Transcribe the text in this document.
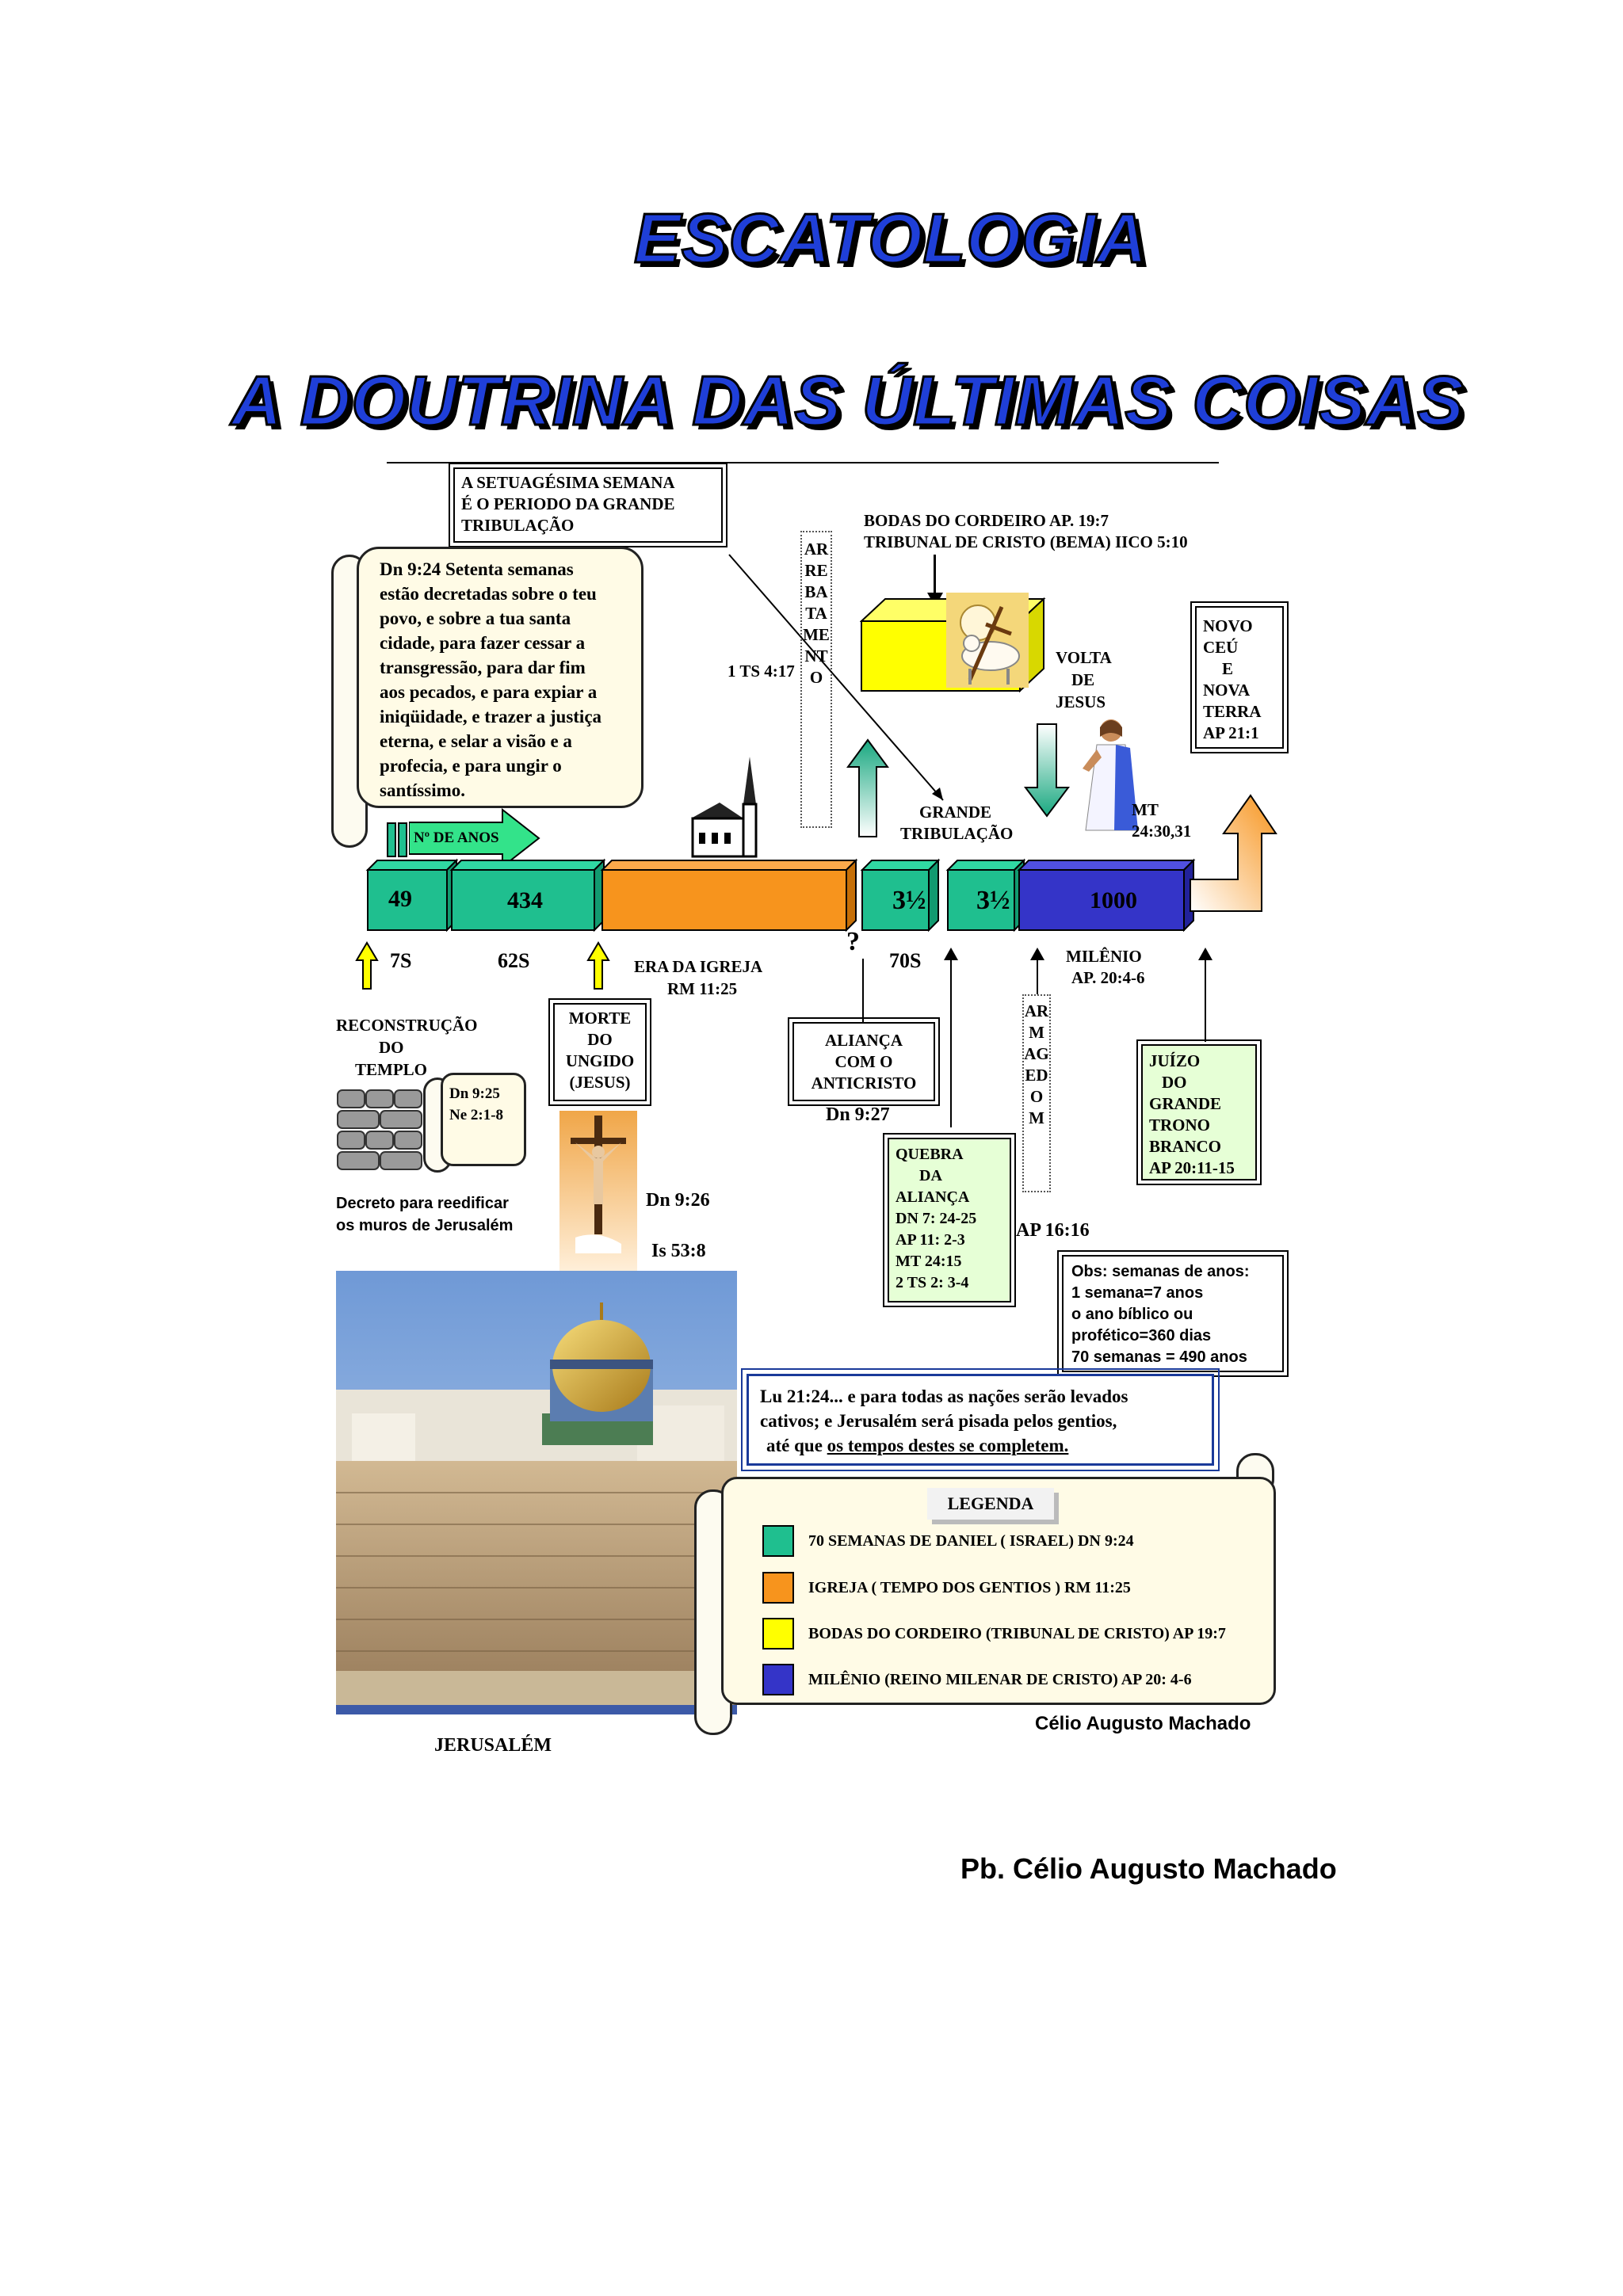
ESCATOLOGIA
A DOUTRINA DAS ÚLTIMAS COISAS
A SETUAGÉSIMA SEMANA
É O PERIODO DA GRANDE
TRIBULAÇÃO
Dn 9:24 Setenta semanas
estão decretadas sobre o teu
povo, e sobre a tua santa
cidade, para fazer cessar a
transgressão, para dar fim
aos pecados, e para expiar a
iniqüidade, e trazer a justiça
eterna, e selar a visão e a
profecia, e para ungir o
santíssimo.
Nº DE ANOS
ARREBATAMENTO
1 TS 4:17
BODAS DO CORDEIRO AP. 19:7
TRIBUNAL DE CRISTO (BEMA) IICO 5:10
VOLTA
DE
JESUS
MT
24:30,31
NOVO
CEÚ
E
NOVA
TERRA
AP 21:1
GRANDE
TRIBULAÇÃO
49	434	3½ 3½	1000
7S	62S	ERA DA IGREJA
RM 11:25
?
70S	MILÊNIO
AP. 20:4-6
RECONSTRUÇÃO
DO
TEMPLO
Dn 9:25
Ne 2:1-8
Decreto para reedificar
os muros de Jerusalém
MORTE
DO
UNGIDO
(JESUS)
Dn 9:26
Is 53:8
ALIANÇA
COM O
ANTICRISTO
Dn 9:27
QUEBRA
DA
ALIANÇA
DN 7: 24-25
AP 11: 2-3
MT 24:15
2 TS 2: 3-4
ARMAGEDOM
AP 16:16
JUÍZO
DO
GRANDE
TRONO
BRANCO
AP 20:11-15
Obs: semanas de anos:
1 semana=7 anos
o ano bíblico ou
profético=360 dias
70 semanas = 490 anos
Lu 21:24... e para todas as nações serão levados
cativos; e Jerusalém será pisada pelos gentios,
até que os tempos destes se completem.
LEGENDA
70 SEMANAS DE DANIEL ( ISRAEL) DN 9:24
IGREJA ( TEMPO DOS GENTIOS ) RM 11:25
BODAS DO CORDEIRO (TRIBUNAL DE CRISTO) AP 19:7
MILÊNIO (REINO MILENAR DE CRISTO) AP 20: 4-6
Célio Augusto Machado
JERUSALÉM
Pb. Célio Augusto Machado
